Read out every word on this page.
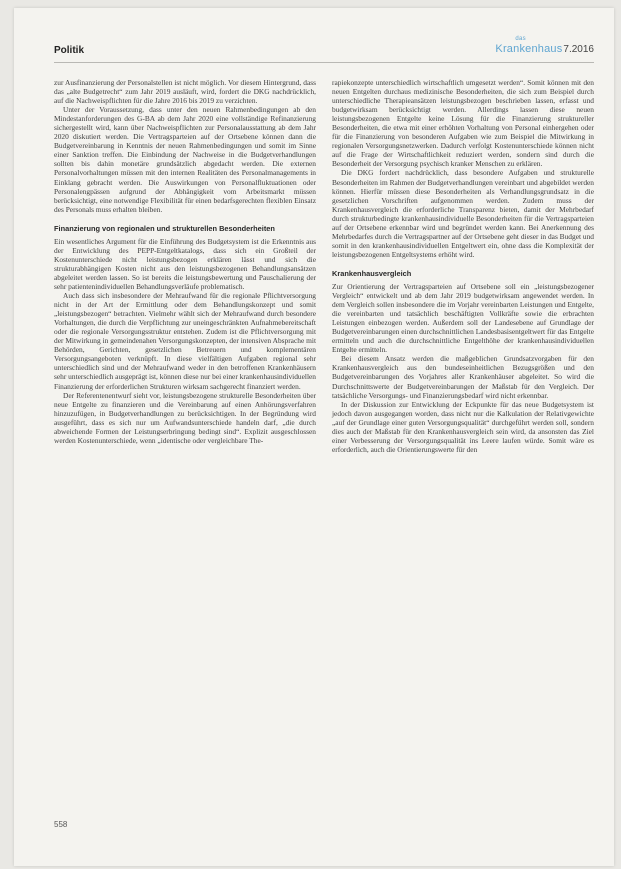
Politik
das
Krankenhaus 7.2016

zur Ausfinanzierung der Personalstellen ist nicht möglich. Vor diesem Hintergrund, dass das „alte Budgetrecht“ zum Jahr 2019 ausläuft, wird, fordert die DKG nachdrücklich, auf die Nachweispflichten für die Jahre 2016 bis 2019 zu verzichten.

Unter der Voraussetzung, dass unter den neuen Rahmenbedingungen ab den Mindestanforderungen des G-BA ab dem Jahr 2020 eine vollständige Refinanzierung sichergestellt wird, kann über Nachweispflichten zur Personalausstattung ab dem Jahr 2020 diskutiert werden. Die Vertragsparteien auf der Ortsebene können dann die Budgetvereinbarung in Kenntnis der neuen Rahmenbedingungen und somit im Sinne einer Sanktion treffen. Die Einbindung der Nachweise in die Budgetverhandlungen sollten bis dahin monetäre grundsätzlich abgedacht werden. Die externen Personalvorhaltungen müssen mit den internen Realitäten des Personalmanagements in Einklang gebracht werden. Die Auswirkungen von Personalfluktuationen oder Personalengpässen aufgrund der Abhängigkeit vom Arbeitsmarkt müssen berücksichtigt, eine notwendige Flexibilität für einen bedarfsgerechten flexiblen Einsatz des Personals muss erhalten bleiben.

Finanzierung von regionalen und strukturellen Besonderheiten

Ein wesentliches Argument für die Einführung des Budgetsystem ist die Erkenntnis aus der Entwicklung des PEPP-Entgeltkatalogs, dass sich ein Großteil der Kostenunterschiede nicht leistungsbezogen erklären lässt und sich die strukturabhängigen Kosten nicht aus den leistungsbezogenen Behandlungsansätzen abgeleitet werden lassen. So ist bereits die leistungsbewertung und Pauschalierung der sehr patientenindividuellen Behandlungsverläufe problematisch.

Auch dass sich insbesondere der Mehraufwand für die regionale Pflichtversorgung nicht in der Art der Ermittlung oder dem Behandlungskonzept und somit „leistungsbezogen“ betrachten. Vielmehr wählt sich der Mehraufwand durch besondere Vorhaltungen, die durch die Verpflichtung zur uneingeschränkten Aufnahmebereitschaft oder die regionale Versorgungsstruktur entstehen. Zudem ist die Pflichtversorgung mit der Mitwirkung in gemeindenahen Versorgungskonzepten, der intensiven Absprache mit Behörden, Gerichten, gesetzlichen Betreuern und komplementären Versorgungsangeboten verknüpft. In diese vielfältigen Aufgaben regional sehr unterschiedlich sind und der Mehraufwand weder in den betroffenen Krankenhäusern sehr unterschiedlich ausgeprägt ist, können diese nur bei einer krankenhausindividuellen Finanzierung der erforderlichen Strukturen wirksam sachgerecht finanziert werden.

Der Referentenentwurf sieht vor, leistungsbezogene strukturelle Besonderheiten über neue Entgelte zu finanzieren und die Vereinbarung auf einen Anhörungsverfahren hinzuzufügen, in Budgetverhandlungen zu berücksichtigen. In der Begründung wird ausgeführt, dass es sich nur um Aufwandsunterschiede handeln darf, „die durch abweichende Formen der Leistungserbringung bedingt sind“. Explizit ausgeschlossen werden Kostenunterschiede, wenn „identische oder vergleichbare The-

rapiekonzepte unterschiedlich wirtschaftlich umgesetzt werden“. Somit können mit den neuen Entgelten durchaus medizinische Besonderheiten, die sich zum Beispiel durch unterschiedliche Therapieansätzen leistungsbezogen beschrieben lassen, erfasst und budgetwirksam berücksichtigt werden. Allerdings lassen diese neuen leistungsbezogenen Entgelte keine Lösung für die Finanzierung struktureller Besonderheiten, die etwa mit einer erhöhten Vorhaltung von Personal einhergehen oder für die Finanzierung von besonderen Aufgaben wie zum Beispiel die Mitwirkung in regionalen Versorgungsnetzwerken. Dadurch verfolgt Kostenunterschiede können nicht auf die Frage der Wirtschaftlichkeit reduziert werden, sondern sind durch die Besonderheit der Versorgung psychisch kranker Menschen zu erklären.

Die DKG fordert nachdrücklich, dass besondere Aufgaben und strukturelle Besonderheiten im Rahmen der Budgetverhandlungen vereinbart und abgebildet werden können. Hierfür müssen diese Besonderheiten als Verhandlungsgrundsatz in die gesetzlichen Vorschriften aufgenommen werden. Zudem muss der Krankenhausvergleich die erforderliche Transparenz bieten, damit der Mehrbedarf durch strukturbedingte krankenhausindividuelle Besonderheiten für die Vertragsparteien auf der Ortsebene erkennbar wird und begründet werden kann. Bei Anerkennung des Mehrbedarfes durch die Vertragspartner auf der Ortsebene geht dieser in das Budget und somit in den krankenhausindividuellen Entgeltwert ein, ohne dass die Komplexität der leistungsbezogenen Entgeltsystems erhöht wird.

Krankenhausvergleich

Zur Orientierung der Vertragsparteien auf Ortsebene soll ein „leistungsbezogener Vergleich“ entwickelt und ab dem Jahr 2019 budgetwirksam angewendet werden. In dem Vergleich sollen insbesondere die im Vorjahr vereinbarten Leistungen und Entgelte, die vereinbarten und tatsächlich beschäftigten Vollkräfte sowie die erbrachten Leistungen einbezogen werden. Außerdem soll der Landesebene auf Grundlage der Budgetvereinbarungen einen durchschnittlichen Landesbasisentgeltwert für das Entgelte ermitteln und auch die durchschnittliche Entgelthöhe der krankenhausindividuellen Entgelte ermitteln.

Bei diesem Ansatz werden die maßgeblichen Grundsatzvorgaben für den Krankenhausvergleich aus den bundeseinheitlichen Bezugsgrößen und den Budgetvereinbarungen des Vorjahres aller Krankenhäuser abgeleitet. So wird die Durchschnittswerte der Budgetvereinbarungen der Maßstab für den Vergleich. Der tatsächliche Versorgungs- und Finanzierungsbedarf wird nicht erkennbar.

In der Diskussion zur Entwicklung der Eckpunkte für das neue Budgetsystem ist jedoch davon ausgegangen worden, dass nicht nur die Kalkulation der Relativgewichte „auf der Grundlage einer guten Versorgungsqualität“ durchgeführt werden soll, sondern dies auch der Maßstab für den Krankenhausvergleich sein wird, da ansonsten das Ziel einer Verbesserung der Versorgungsqualität ins Leere laufen würde. Somit wäre es erforderlich, auch die Orientierungswerte für den

558
